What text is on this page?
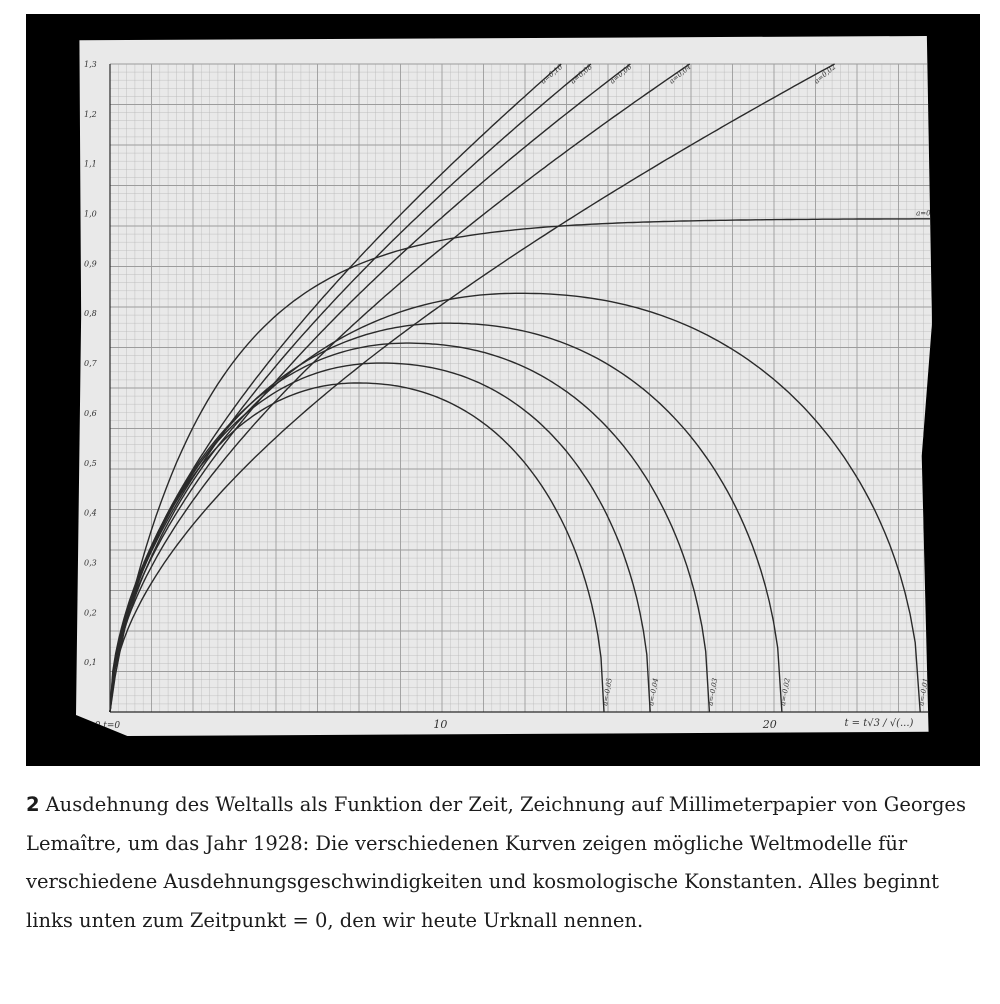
0,1
0,2
0,3
0,4
0,5
0,6
0,7
0,8
0,9
1,0
1,1
1,2
1,3
10	20
x=0 t=0	t = t√3 / √(...)
a=0,10 a=0,08 a=0,06	a=0,04	a=0,02
a=0
a=-0,01
a=-0,02
a=-0,03
a=-0,04
a=-0,05
2 Ausdehnung des Weltalls als Funktion der Zeit, Zeichnung auf Millimeterpapier von Georges Lemaître, um das Jahr 1928: Die verschiedenen Kurven zeigen mögliche Weltmodelle für verschiedene Ausdehnungsgeschwindigkeiten und kosmologische Konstanten. Alles beginnt links unten zum Zeitpunkt = 0, den wir heute Urknall nennen.
